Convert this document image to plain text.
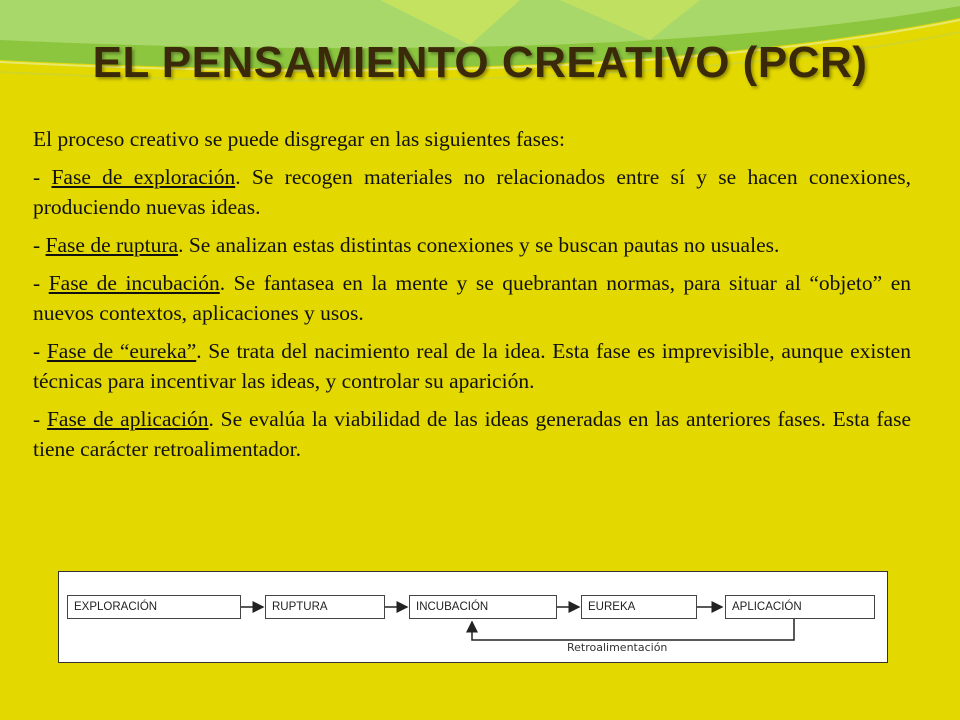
EL PENSAMIENTO CREATIVO (PCR)

El proceso creativo se puede disgregar en las siguientes fases:

- Fase de exploración. Se recogen materiales no relacionados entre sí y se hacen conexiones, produciendo nuevas ideas.

- Fase de ruptura. Se analizan estas distintas conexiones y se buscan pautas no usuales.

- Fase de incubación. Se fantasea en la mente y se quebrantan normas, para situar al “objeto” en nuevos contextos, aplicaciones y usos.

- Fase de “eureka”. Se trata del nacimiento real de la idea. Esta fase es imprevisible, aunque existen técnicas para incentivar las ideas, y controlar su aparición.

- Fase de aplicación. Se evalúa la viabilidad de las ideas generadas en las anteriores fases. Esta fase tiene carácter retroalimentador.

EXPLORACIÓN	RUPTURA	INCUBACIÓN	EUREKA	APLICACIÓN
Retroalimentación
